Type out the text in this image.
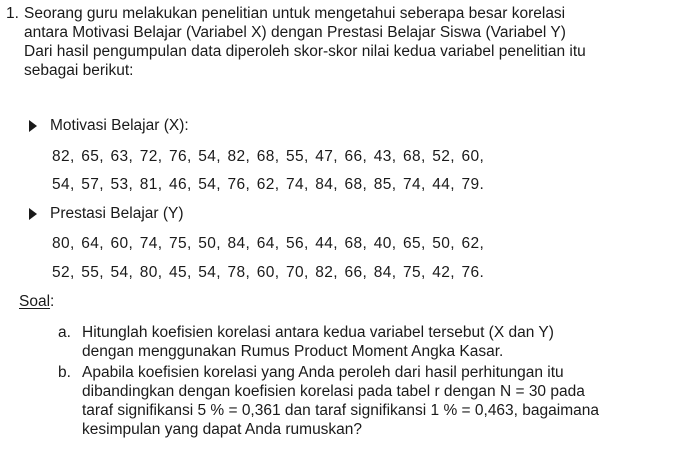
1. Seorang guru melakukan penelitian untuk mengetahui seberapa besar korelasi

antara Motivasi Belajar (Variabel X) dengan Prestasi Belajar Siswa (Variabel Y)

Dari hasil pengumpulan data diperoleh skor-skor nilai kedua variabel penelitian itu

sebagai berikut:

Motivasi Belajar (X):
82, 65, 63, 72, 76, 54, 82, 68, 55, 47, 66, 43, 68, 52, 60,
54, 57, 53, 81, 46, 54, 76, 62, 74, 84, 68, 85, 74, 44, 79.
Prestasi Belajar (Y)
80, 64, 60, 74, 75, 50, 84, 64, 56, 44, 68, 40, 65, 50, 62,
52, 55, 54, 80, 45, 54, 78, 60, 70, 82, 66, 84, 75, 42, 76.
Soal:
a. Hitunglah koefisien korelasi antara kedua variabel tersebut (X dan Y)

dengan menggunakan Rumus Product Moment Angka Kasar.

b. Apabila koefisien korelasi yang Anda peroleh dari hasil perhitungan itu

dibandingkan dengan koefisien korelasi pada tabel r dengan N = 30 pada

taraf signifikansi 5 % = 0,361 dan taraf signifikansi 1 % = 0,463, bagaimana

kesimpulan yang dapat Anda rumuskan?
